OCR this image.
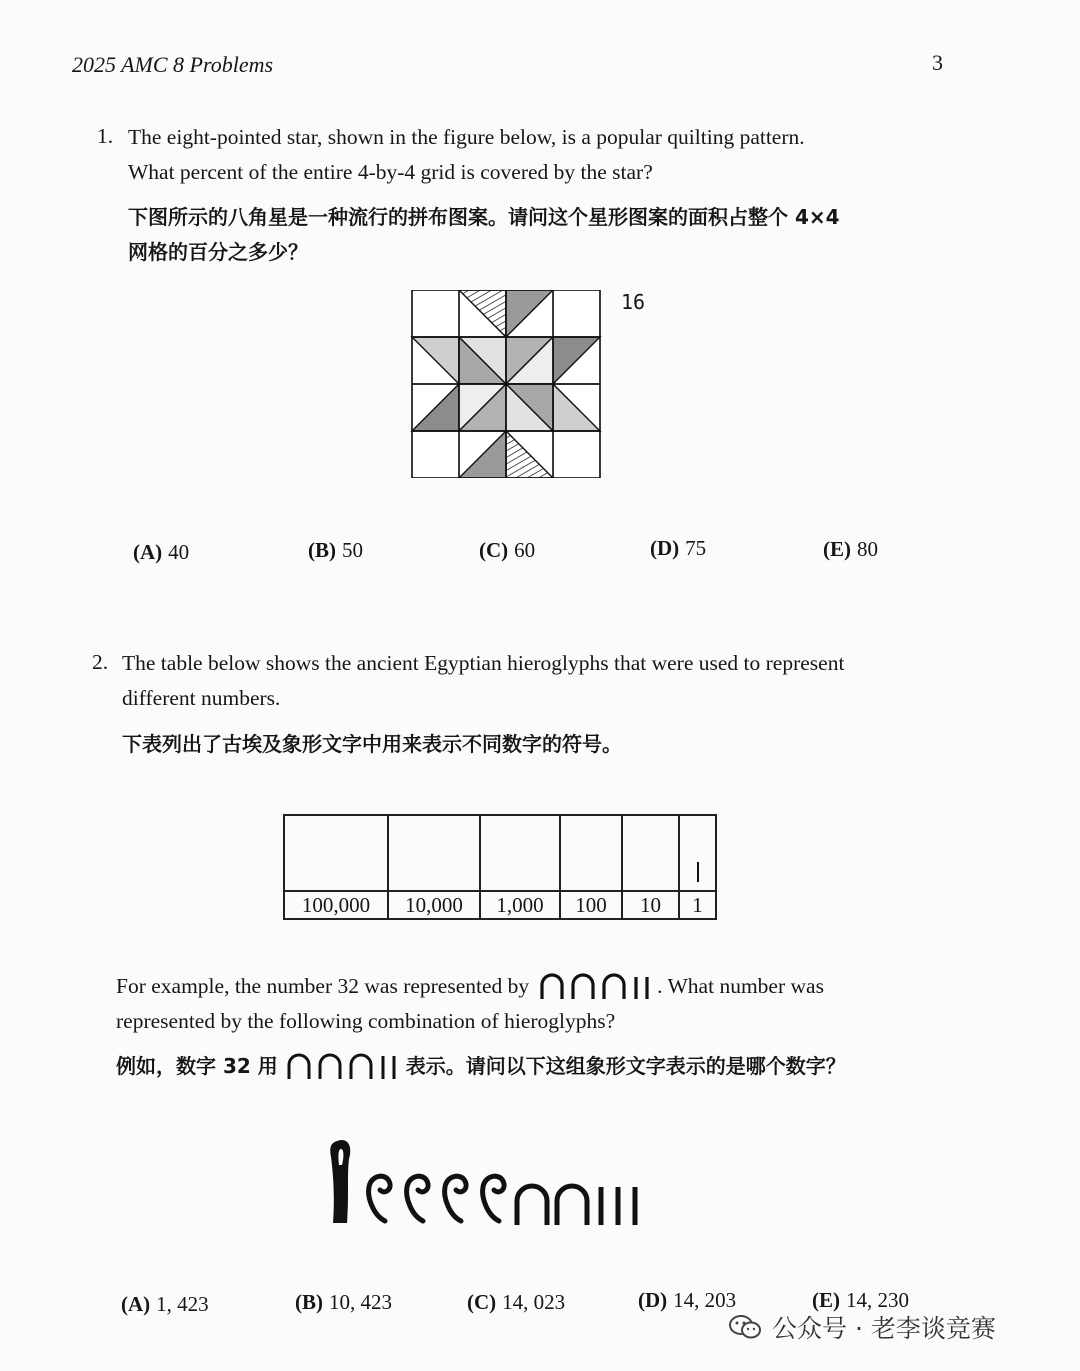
2025 AMC 8 Problems	3
1. The eight-pointed star, shown in the figure below, is a popular quilting pattern.
What percent of the entire 4-by-4 grid is covered by the star?
下图所示的八角星是一种流行的拼布图案。请问这个星形图案的面积占整个 4×4
网格的百分之多少？
16
(A) 40	(B) 50	(C) 60	(D) 75	(E) 80
2. The table below shows the ancient Egyptian hieroglyphs that were used to represent
different numbers.
下表列出了古埃及象形文字中用来表示不同数字的符号。

100,000	10,000	1,000	100	10	1
For example, the number 32 was represented by	. What number was
represented by the following combination of hieroglyphs?
例如，数字 32 用	表示。请问以下这组象形文字表示的是哪个数字？
(A) 1, 423	(B) 10, 423	(C) 14, 023	(D) 14, 203	(E) 14, 230
公众号 · 老李谈竞赛
